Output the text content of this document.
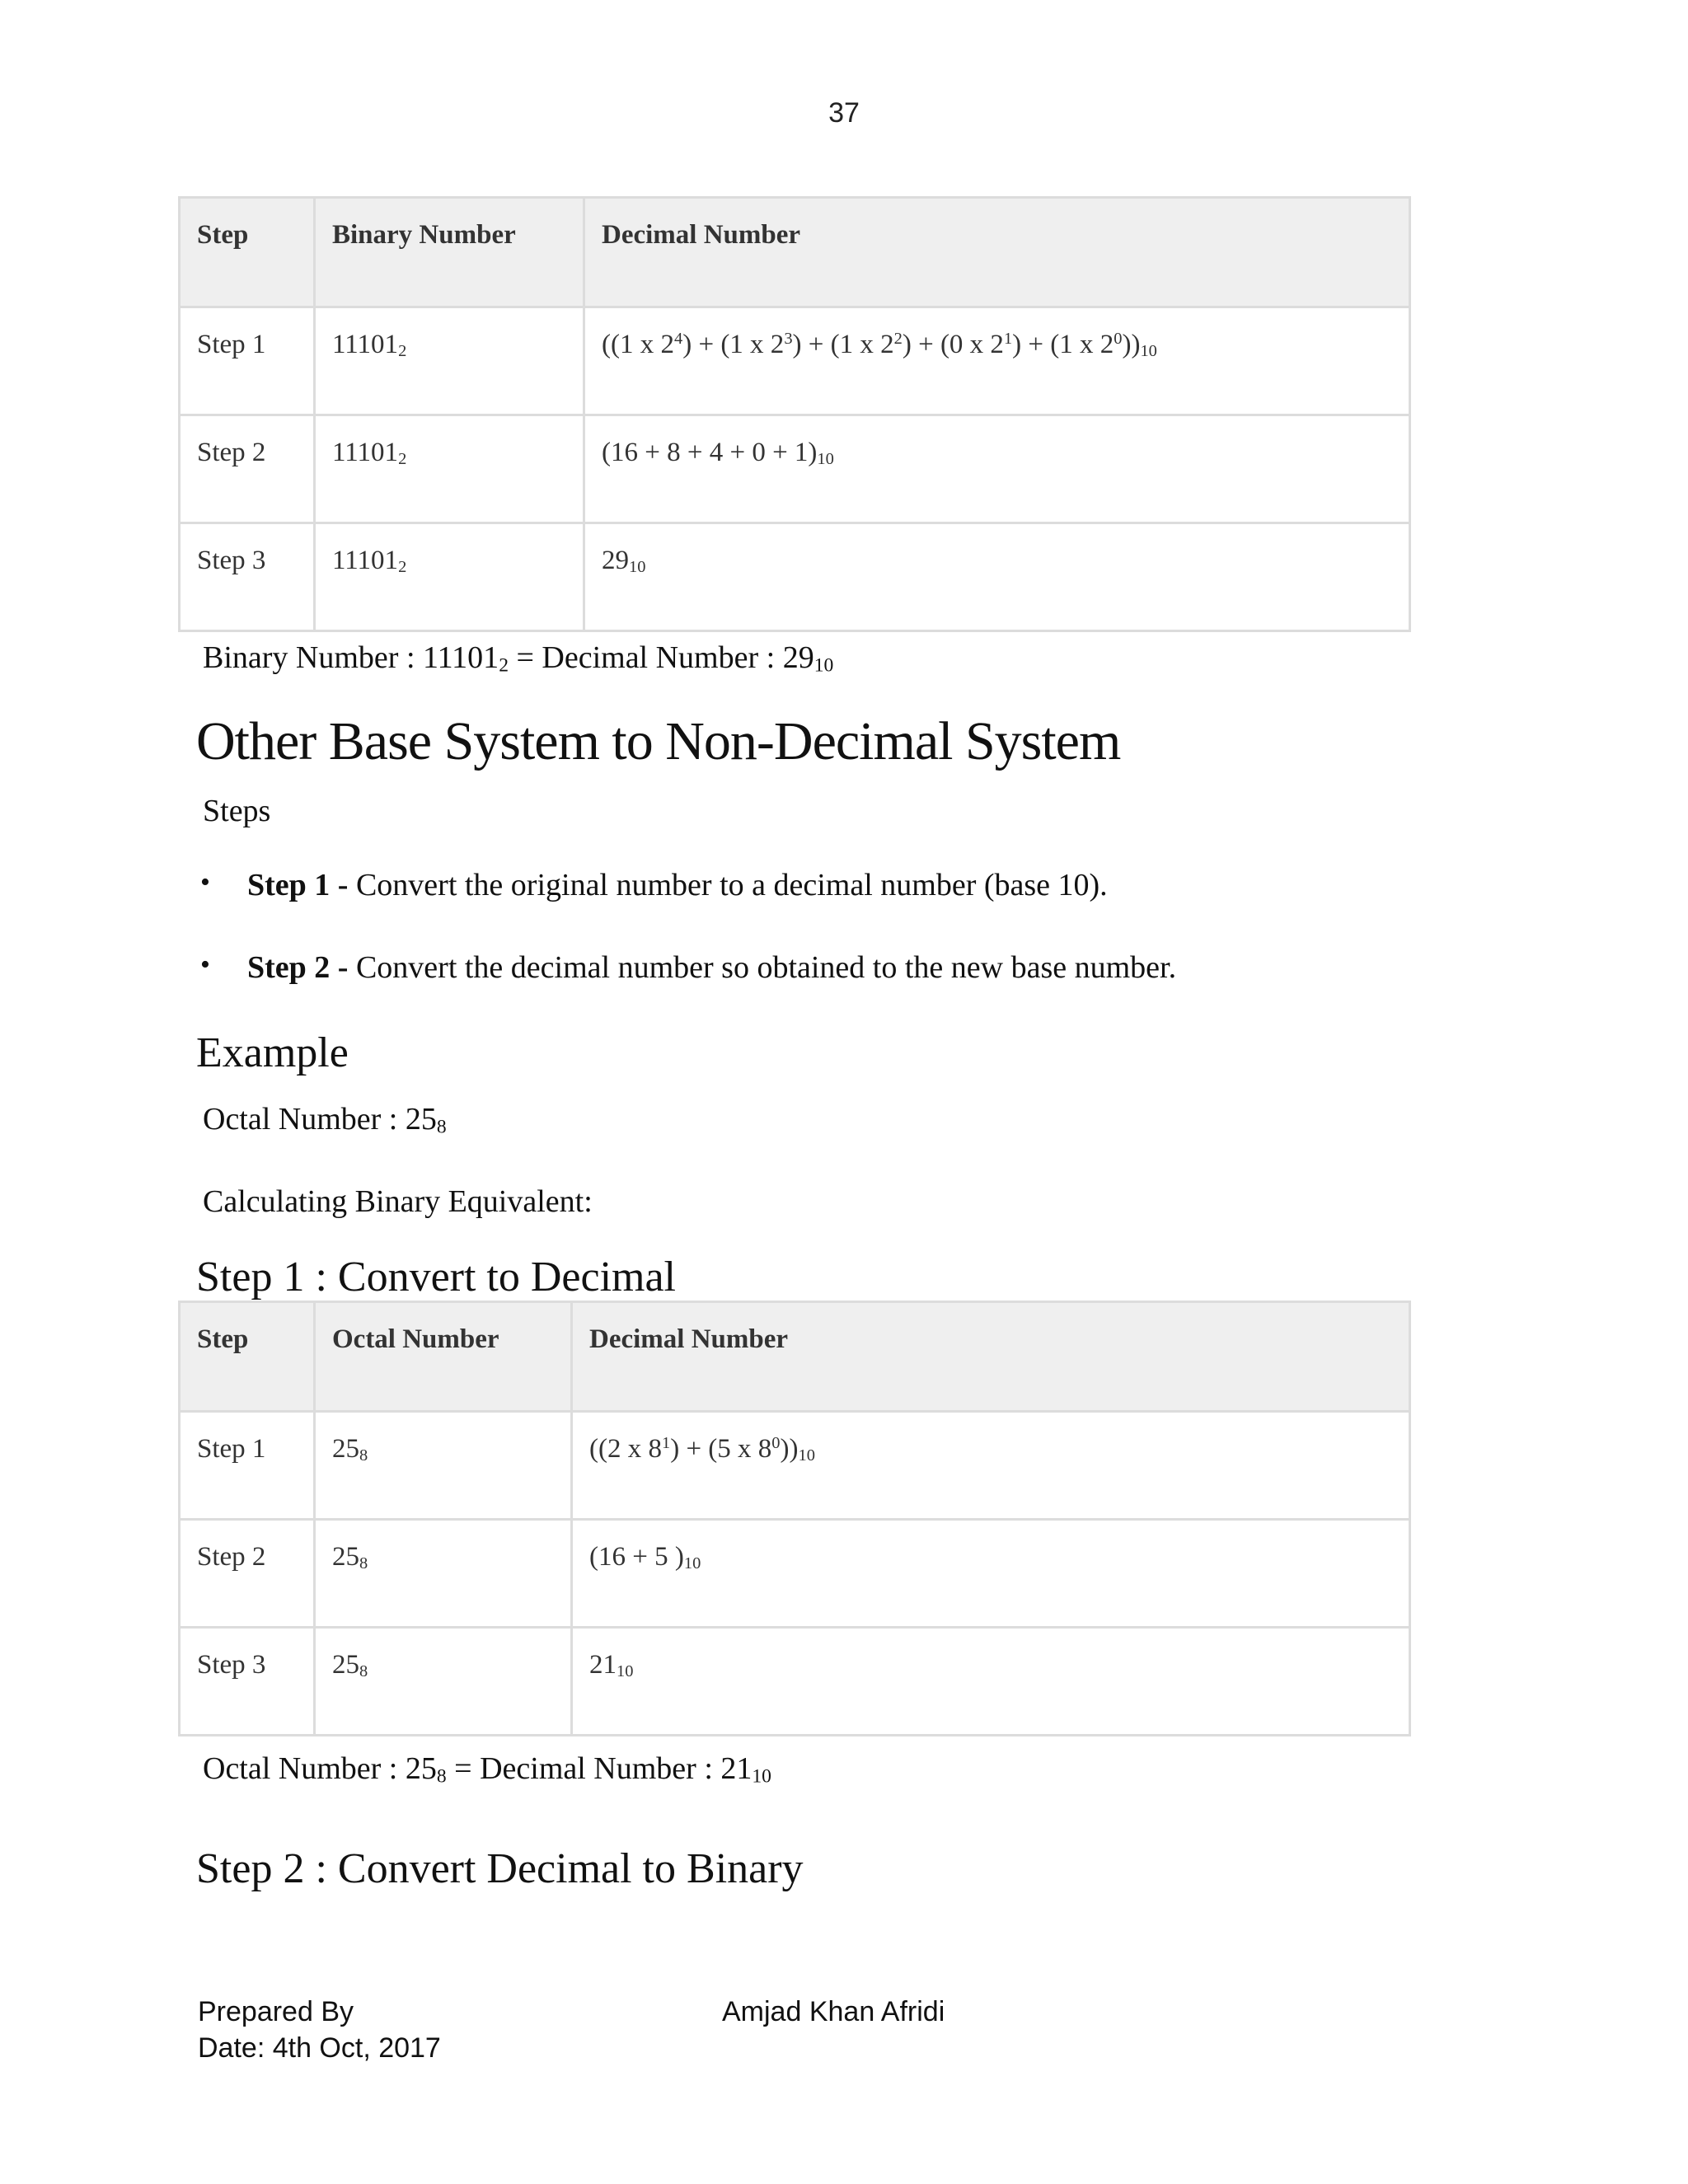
37
Step	Binary Number	Decimal Number
Step 1	111012	((1 x $2^4) + (1$ x $2^3) + (1$ x $2^2) + (0$ x $2^1) + (1$ x $2^0))10$
Step 2	111012	(16 + 8 + 4 + 0 + 1)10
Step 3	111012	2910
Binary Number : $11101_2$ = Decimal Number : $29_{10}$
Other Base System to Non-Decimal System
Steps
• Step 1 - Convert the original number to a decimal number (base 10).
• Step 2 - Convert the decimal number so obtained to the new base number.
Example
Octal Number : $25_8$
Calculating Binary Equivalent:
Step 1 : Convert to Decimal
Step	Octal Number	Decimal Number
Step 1	258	((2 x $8^1) + (5$ x $8^0))10$
Step 2	258	(16 + 5 )10
Step 3	258	2110
Octal Number : $25_8$ = Decimal Number : $21_{10}$
Step 2 : Convert Decimal to Binary
Prepared By
Date: 4th Oct, 2017
Amjad Khan Afridi
